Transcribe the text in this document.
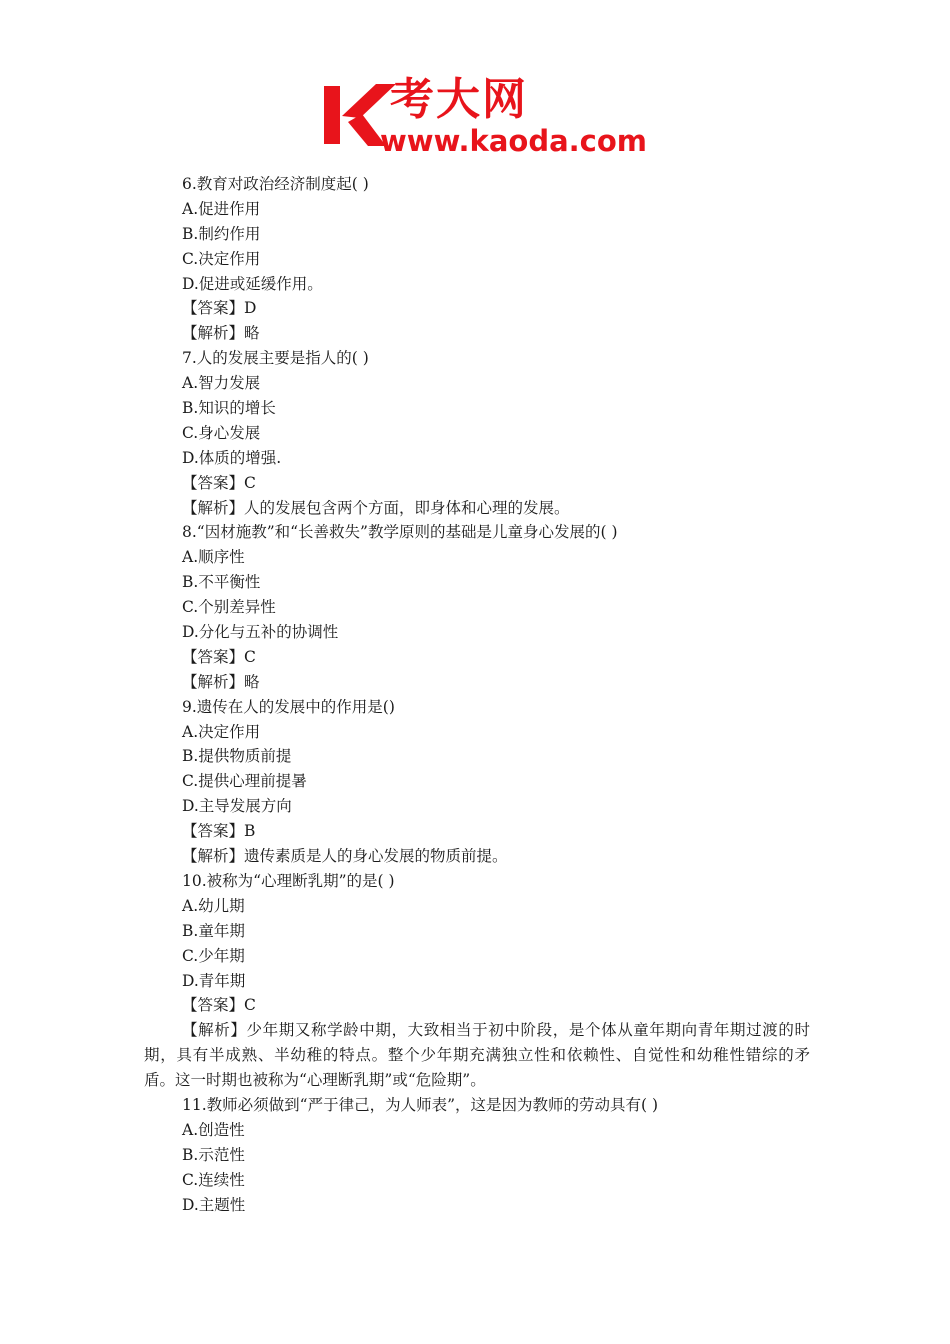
考大网
www.kaoda.com
6.教育对政治经济制度起( )
A.促进作用
B.制约作用
C.决定作用
D.促进或延缓作用。
【答案】D
【解析】略
7.人的发展主要是指人的( )
A.智力发展
B.知识的增长
C.身心发展
D.体质的增强.
【答案】C
【解析】人的发展包含两个方面，即身体和心理的发展。
8.“因材施教”和“长善救失”教学原则的基础是儿童身心发展的( )
A.顺序性
B.不平衡性
C.个别差异性
D.分化与五补的协调性
【答案】C
【解析】略
9.遗传在人的发展中的作用是()
A.决定作用
B.提供物质前提
C.提供心理前提暑
D.主导发展方向
【答案】B
【解析】遗传素质是人的身心发展的物质前提。
10.被称为“心理断乳期”的是( )
A.幼儿期
B.童年期
C.少年期
D.青年期
【答案】C
【解析】少年期又称学龄中期，大致相当于初中阶段，是个体从童年期向青年期过渡的时期，具有半成熟、半幼稚的特点。整个少年期充满独立性和依赖性、自觉性和幼稚性错综的矛盾。这一时期也被称为“心理断乳期”或“危险期”。
11.教师必须做到“严于律己，为人师表”，这是因为教师的劳动具有( )
A.创造性
B.示范性
C.连续性
D.主题性
